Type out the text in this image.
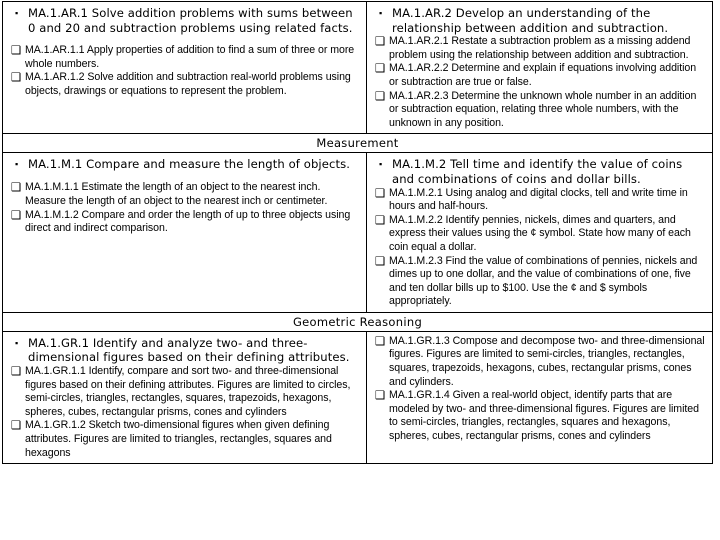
▪ MA.1.AR.1 Solve addition problems with sums between 0 and 20 and subtraction problems using related facts.
❑ MA.1.AR.1.1 Apply properties of addition to find a sum of three or more whole numbers.
❑ MA.1.AR.1.2 Solve addition and subtraction real-world problems using objects, drawings or equations to represent the problem.

▪ MA.1.AR.2 Develop an understanding of the relationship between addition and subtraction.
❑ MA.1.AR.2.1 Restate a subtraction problem as a missing addend problem using the relationship between addition and subtraction.
❑ MA.1.AR.2.2 Determine and explain if equations involving addition or subtraction are true or false.
❑ MA.1.AR.2.3 Determine the unknown whole number in an addition or subtraction equation, relating three whole numbers, with the unknown in any position.

Measurement	

▪ MA.1.M.1 Compare and measure the length of objects.
❑ MA.1.M.1.1 Estimate the length of an object to the nearest inch. Measure the length of an object to the nearest inch or centimeter.
❑ MA.1.M.1.2 Compare and order the length of up to three objects using direct and indirect comparison.

▪ MA.1.M.2 Tell time and identify the value of coins and combinations of coins and dollar bills.
❑ MA.1.M.2.1 Using analog and digital clocks, tell and write time in hours and half-hours.
❑ MA.1.M.2.2 Identify pennies, nickels, dimes and quarters, and express their values using the ¢ symbol. State how many of each coin equal a dollar.
❑ MA.1.M.2.3 Find the value of combinations of pennies, nickels and dimes up to one dollar, and the value of combinations of one, five and ten dollar bills up to $100. Use the ¢ and $ symbols appropriately.

Geometric Reasoning	

▪ MA.1.GR.1 Identify and analyze two- and three-dimensional figures based on their defining attributes.
❑ MA.1.GR.1.1 Identify, compare and sort two- and three-dimensional figures based on their defining attributes. Figures are limited to circles, semi-circles, triangles, rectangles, squares, trapezoids, hexagons, spheres, cubes, rectangular prisms, cones and cylinders
❑ MA.1.GR.1.2 Sketch two-dimensional figures when given defining attributes. Figures are limited to triangles, rectangles, squares and hexagons

❑ MA.1.GR.1.3 Compose and decompose two- and three-dimensional figures. Figures are limited to semi-circles, triangles, rectangles, squares, trapezoids, hexagons, cubes, rectangular prisms, cones and cylinders.
❑ MA.1.GR.1.4 Given a real-world object, identify parts that are modeled by two- and three-dimensional figures. Figures are limited to semi-circles, triangles, rectangles, squares and hexagons, spheres, cubes, rectangular prisms, cones and cylinders
